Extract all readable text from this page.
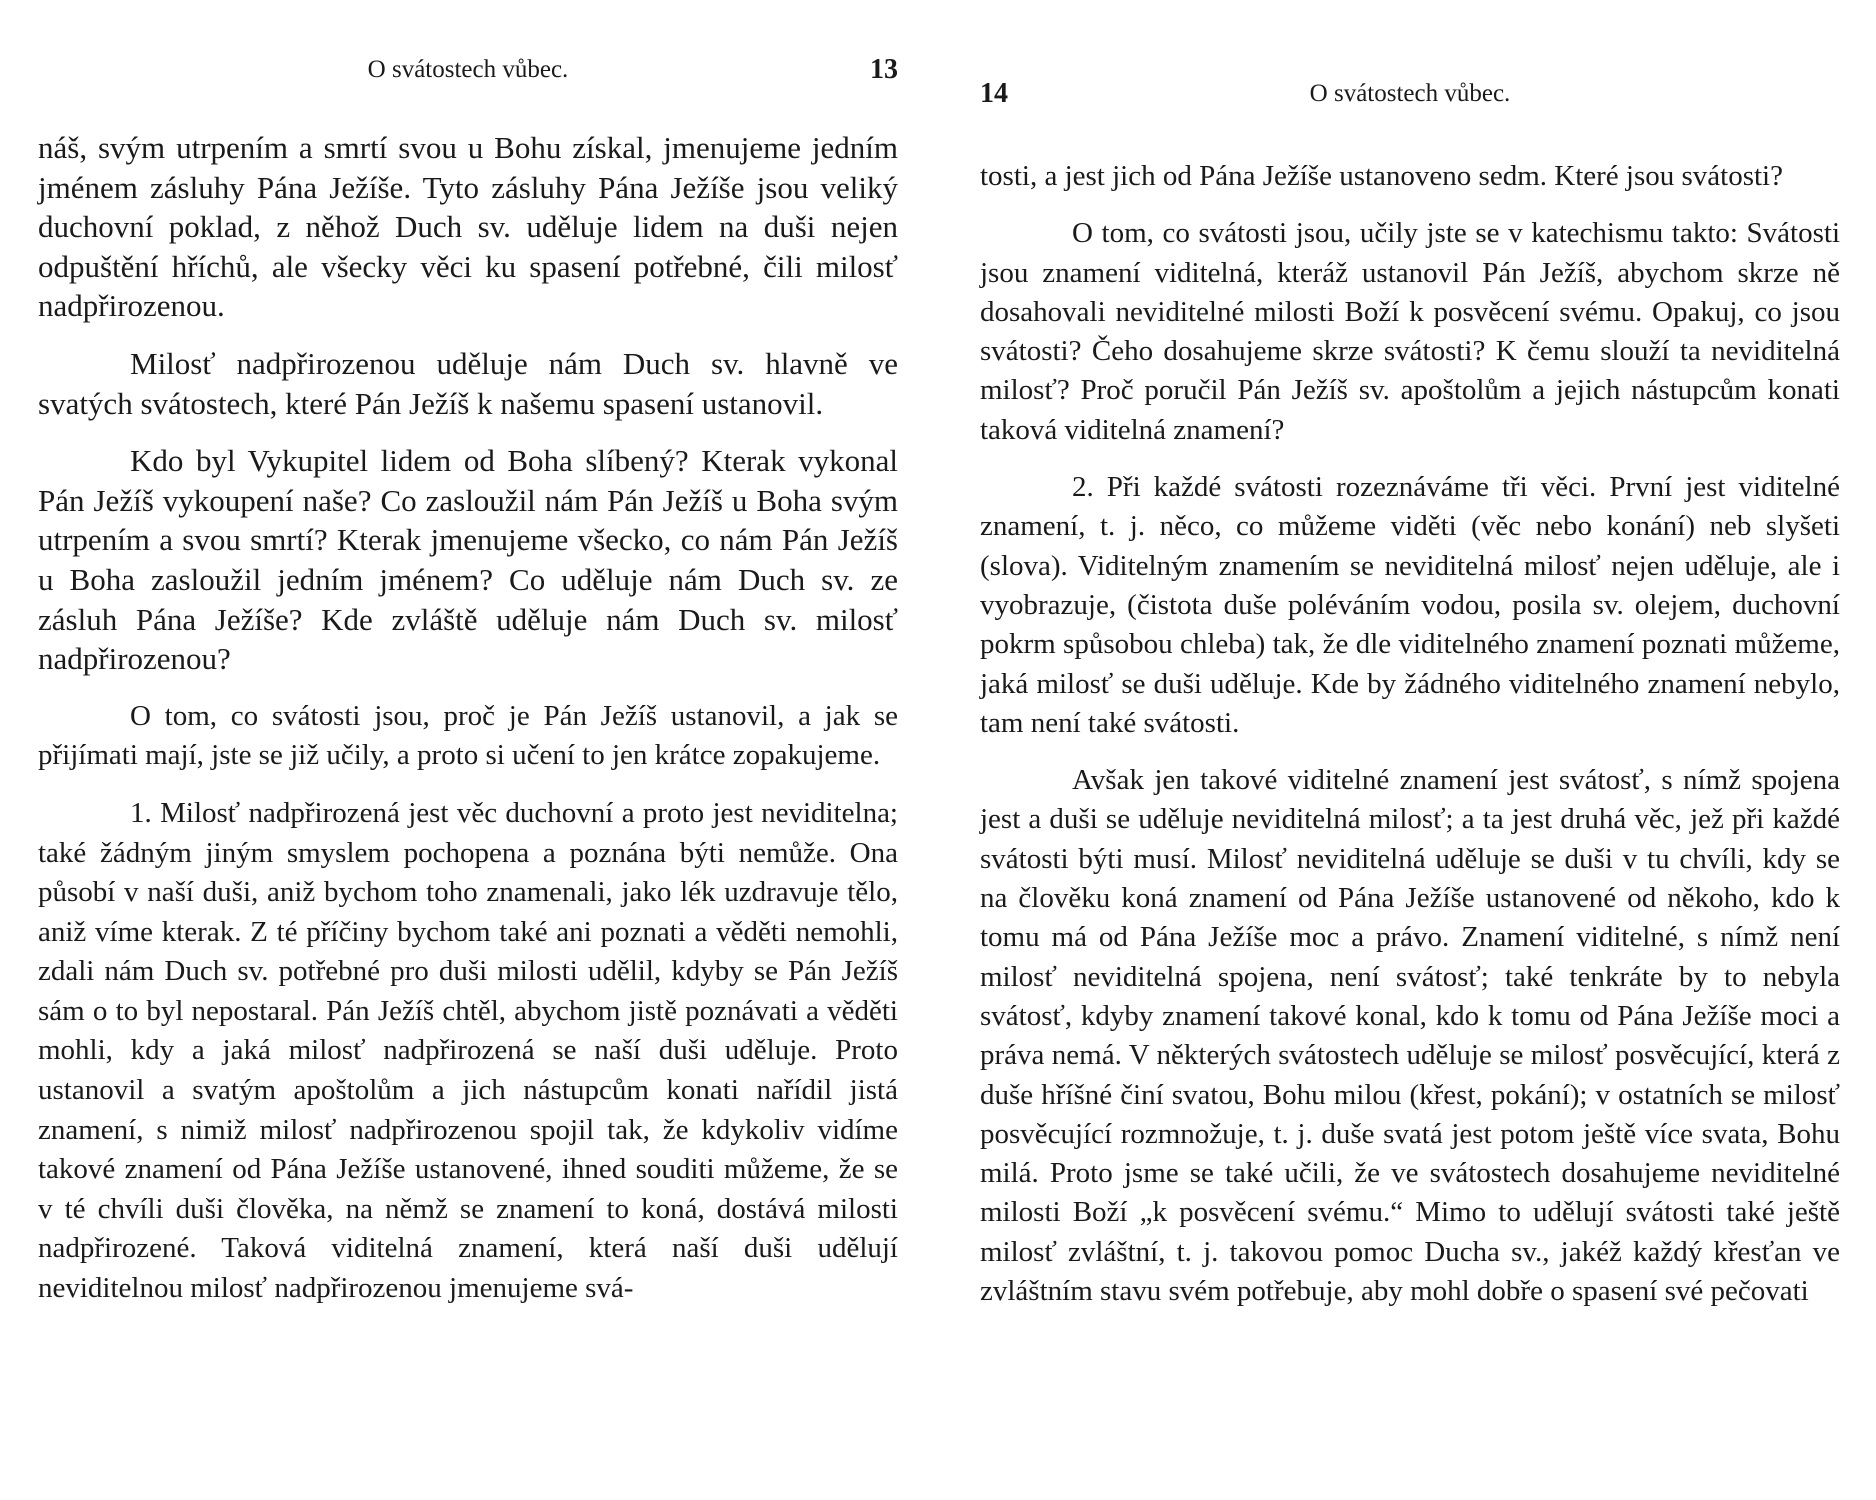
O svátostech vůbec.	13

náš, svým utrpením a smrtí svou u Bohu získal, jmenujeme jedním jménem zásluhy Pána Ježíše. Tyto zásluhy Pána Ježíše jsou veliký duchovní poklad, z něhož Duch sv. uděluje lidem na duši nejen odpuštění hříchů, ale všecky věci ku spasení potřebné, čili milosť nadpřirozenou.

Milosť nadpřirozenou uděluje nám Duch sv. hlavně ve svatých svátostech, které Pán Ježíš k našemu spasení ustanovil.

Kdo byl Vykupitel lidem od Boha slíbený? Kterak vykonal Pán Ježíš vykoupení naše? Co zasloužil nám Pán Ježíš u Boha svým utrpením a svou smrtí? Kterak jmenujeme všecko, co nám Pán Ježíš u Boha zasloužil jedním jménem? Co uděluje nám Duch sv. ze zásluh Pána Ježíše? Kde zvláště uděluje nám Duch sv. milosť nadpřirozenou?

O tom, co svátosti jsou, proč je Pán Ježíš ustanovil, a jak se přijímati mají, jste se již učily, a proto si učení to jen krátce zopakujeme.

1. Milosť nadpřirozená jest věc duchovní a proto jest neviditelna; také žádným jiným smyslem pochopena a poznána býti nemůže. Ona působí v naší duši, aniž bychom toho znamenali, jako lék uzdravuje tělo, aniž víme kterak. Z té příčiny bychom také ani poznati a věděti nemohli, zdali nám Duch sv. potřebné pro duši milosti udělil, kdyby se Pán Ježíš sám o to byl nepostaral. Pán Ježíš chtěl, abychom jistě poznávati a věděti mohli, kdy a jaká milosť nadpřirozená se naší duši uděluje. Proto ustanovil a svatým apoštolům a jich nástupcům konati nařídil jistá znamení, s nimiž milosť nadpřirozenou spojil tak, že kdykoliv vidíme takové znamení od Pána Ježíše ustanovené, ihned souditi můžeme, že se v té chvíli duši člověka, na němž se znamení to koná, dostává milosti nadpřirozené. Taková viditelná znamení, která naší duši udělují neviditelnou milosť nadpřirozenou jmenujeme svá-

14	O svátostech vůbec.

tosti, a jest jich od Pána Ježíše ustanoveno sedm. Které jsou svátosti?

O tom, co svátosti jsou, učily jste se v katechismu takto: Svátosti jsou znamení viditelná, kteráž ustanovil Pán Ježíš, abychom skrze ně dosahovali neviditelné milosti Boží k posvěcení svému. Opakuj, co jsou svátosti? Čeho dosahujeme skrze svátosti? K čemu slouží ta neviditelná milosť? Proč poručil Pán Ježíš sv. apoštolům a jejich nástupcům konati taková viditelná znamení?

2. Při každé svátosti rozeznáváme tři věci. První jest viditelné znamení, t. j. něco, co můžeme viděti (věc nebo konání) neb slyšeti (slova). Viditelným znamením se neviditelná milosť nejen uděluje, ale i vyobrazuje, (čistota duše poléváním vodou, posila sv. olejem, duchovní pokrm spůsobou chleba) tak, že dle viditelného znamení poznati můžeme, jaká milosť se duši uděluje. Kde by žádného viditelného znamení nebylo, tam není také svátosti.

Avšak jen takové viditelné znamení jest svátosť, s nímž spojena jest a duši se uděluje neviditelná milosť; a ta jest druhá věc, jež při každé svátosti býti musí. Milosť neviditelná uděluje se duši v tu chvíli, kdy se na člověku koná znamení od Pána Ježíše ustanovené od někoho, kdo k tomu má od Pána Ježíše moc a právo. Znamení viditelné, s nímž není milosť neviditelná spojena, není svátosť; také tenkráte by to nebyla svátosť, kdyby znamení takové konal, kdo k tomu od Pána Ježíše moci a práva nemá. V některých svátostech uděluje se milosť posvěcující, která z duše hříšné činí svatou, Bohu milou (křest, pokání); v ostatních se milosť posvěcující rozmnožuje, t. j. duše svatá jest potom ještě více svata, Bohu milá. Proto jsme se také učili, že ve svátostech dosahujeme neviditelné milosti Boží „k posvěcení svému.“ Mimo to udělují svátosti také ještě milosť zvláštní, t. j. takovou pomoc Ducha sv., jakéž každý křesťan ve zvláštním stavu svém potřebuje, aby mohl dobře o spasení své pečovati
